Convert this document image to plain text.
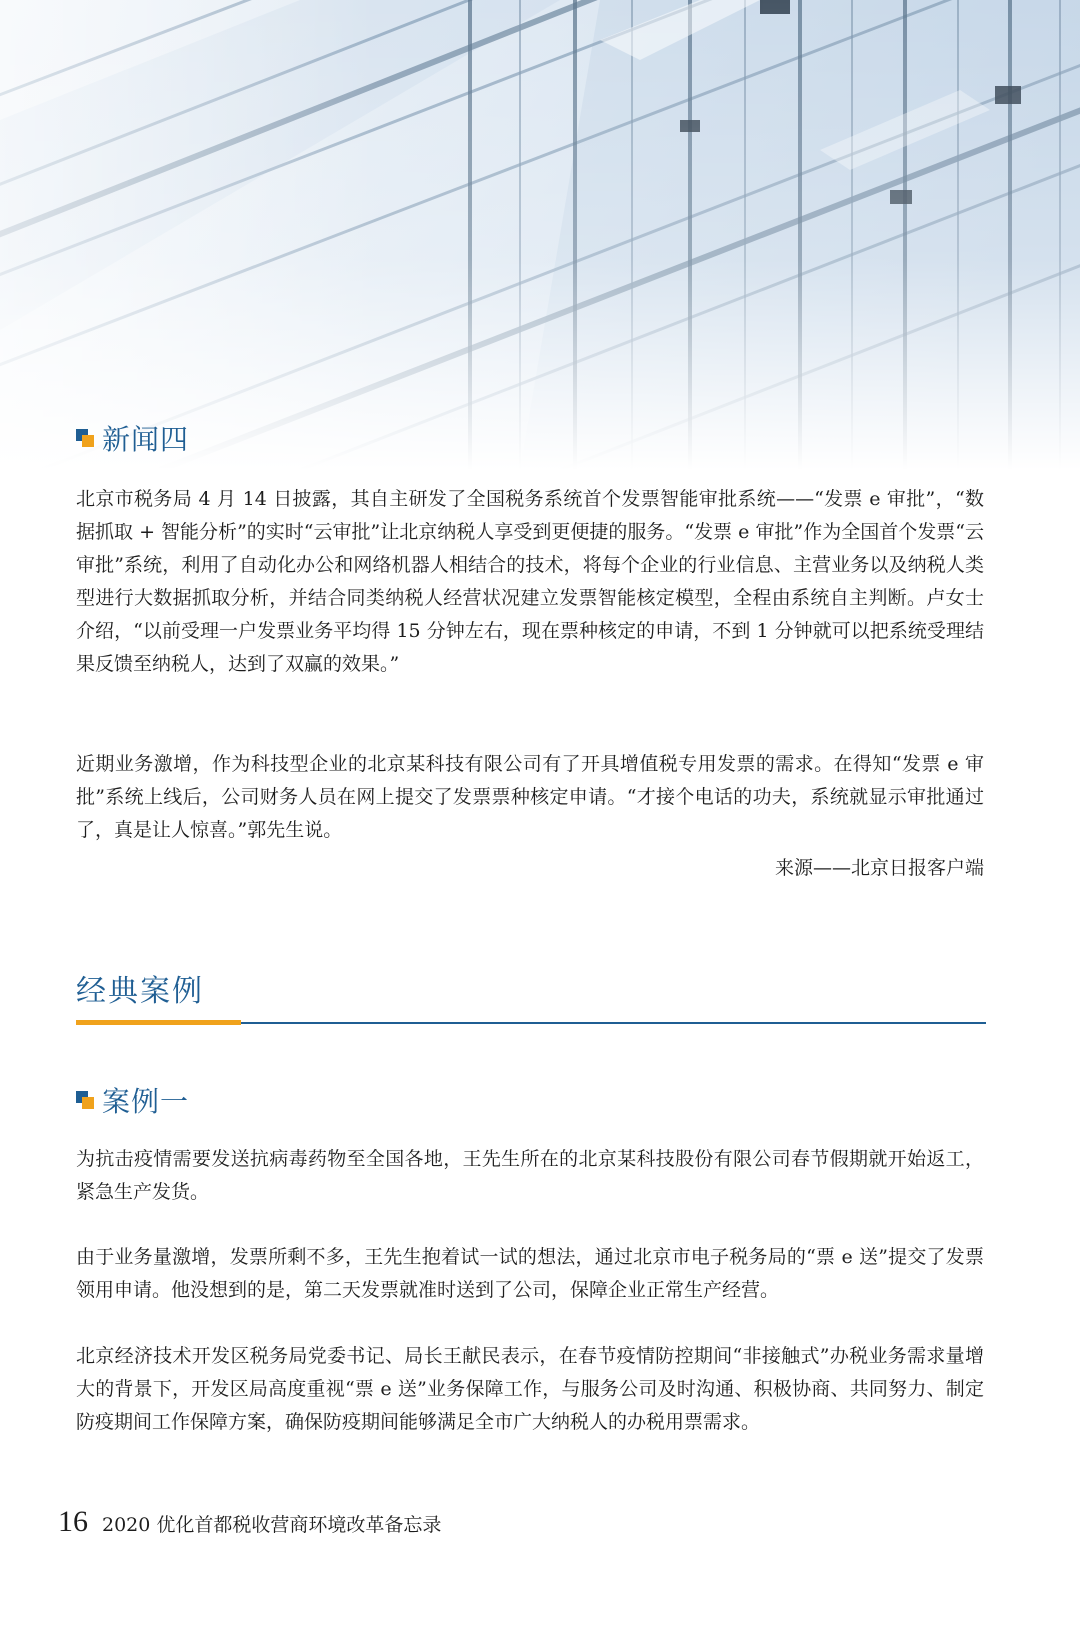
新闻四

北京市税务局 4 月 14 日披露，其自主研发了全国税务系统首个发票智能审批系统——“发票 e 审批”，“数据抓取 + 智能分析”的实时“云审批”让北京纳税人享受到更便捷的服务。“发票 e 审批”作为全国首个发票“云审批”系统，利用了自动化办公和网络机器人相结合的技术，将每个企业的行业信息、主营业务以及纳税人类型进行大数据抓取分析，并结合同类纳税人经营状况建立发票智能核定模型，全程由系统自主判断。卢女士介绍，“以前受理一户发票业务平均得 15 分钟左右，现在票种核定的申请，不到 1 分钟就可以把系统受理结果反馈至纳税人，达到了双赢的效果。”

近期业务激增，作为科技型企业的北京某科技有限公司有了开具增值税专用发票的需求。在得知“发票 e 审批”系统上线后，公司财务人员在网上提交了发票票种核定申请。“才接个电话的功夫，系统就显示审批通过了，真是让人惊喜。”郭先生说。

来源——北京日报客户端
经典案例
案例一

为抗击疫情需要发送抗病毒药物至全国各地，王先生所在的北京某科技股份有限公司春节假期就开始返工，紧急生产发货。

由于业务量激增，发票所剩不多，王先生抱着试一试的想法，通过北京市电子税务局的“票 e 送”提交了发票领用申请。他没想到的是，第二天发票就准时送到了公司，保障企业正常生产经营。

北京经济技术开发区税务局党委书记、局长王献民表示，在春节疫情防控期间“非接触式”办税业务需求量增大的背景下，开发区局高度重视“票 e 送”业务保障工作，与服务公司及时沟通、积极协商、共同努力、制定防疫期间工作保障方案，确保防疫期间能够满足全市广大纳税人的办税用票需求。

16 2020 优化首都税收营商环境改革备忘录
